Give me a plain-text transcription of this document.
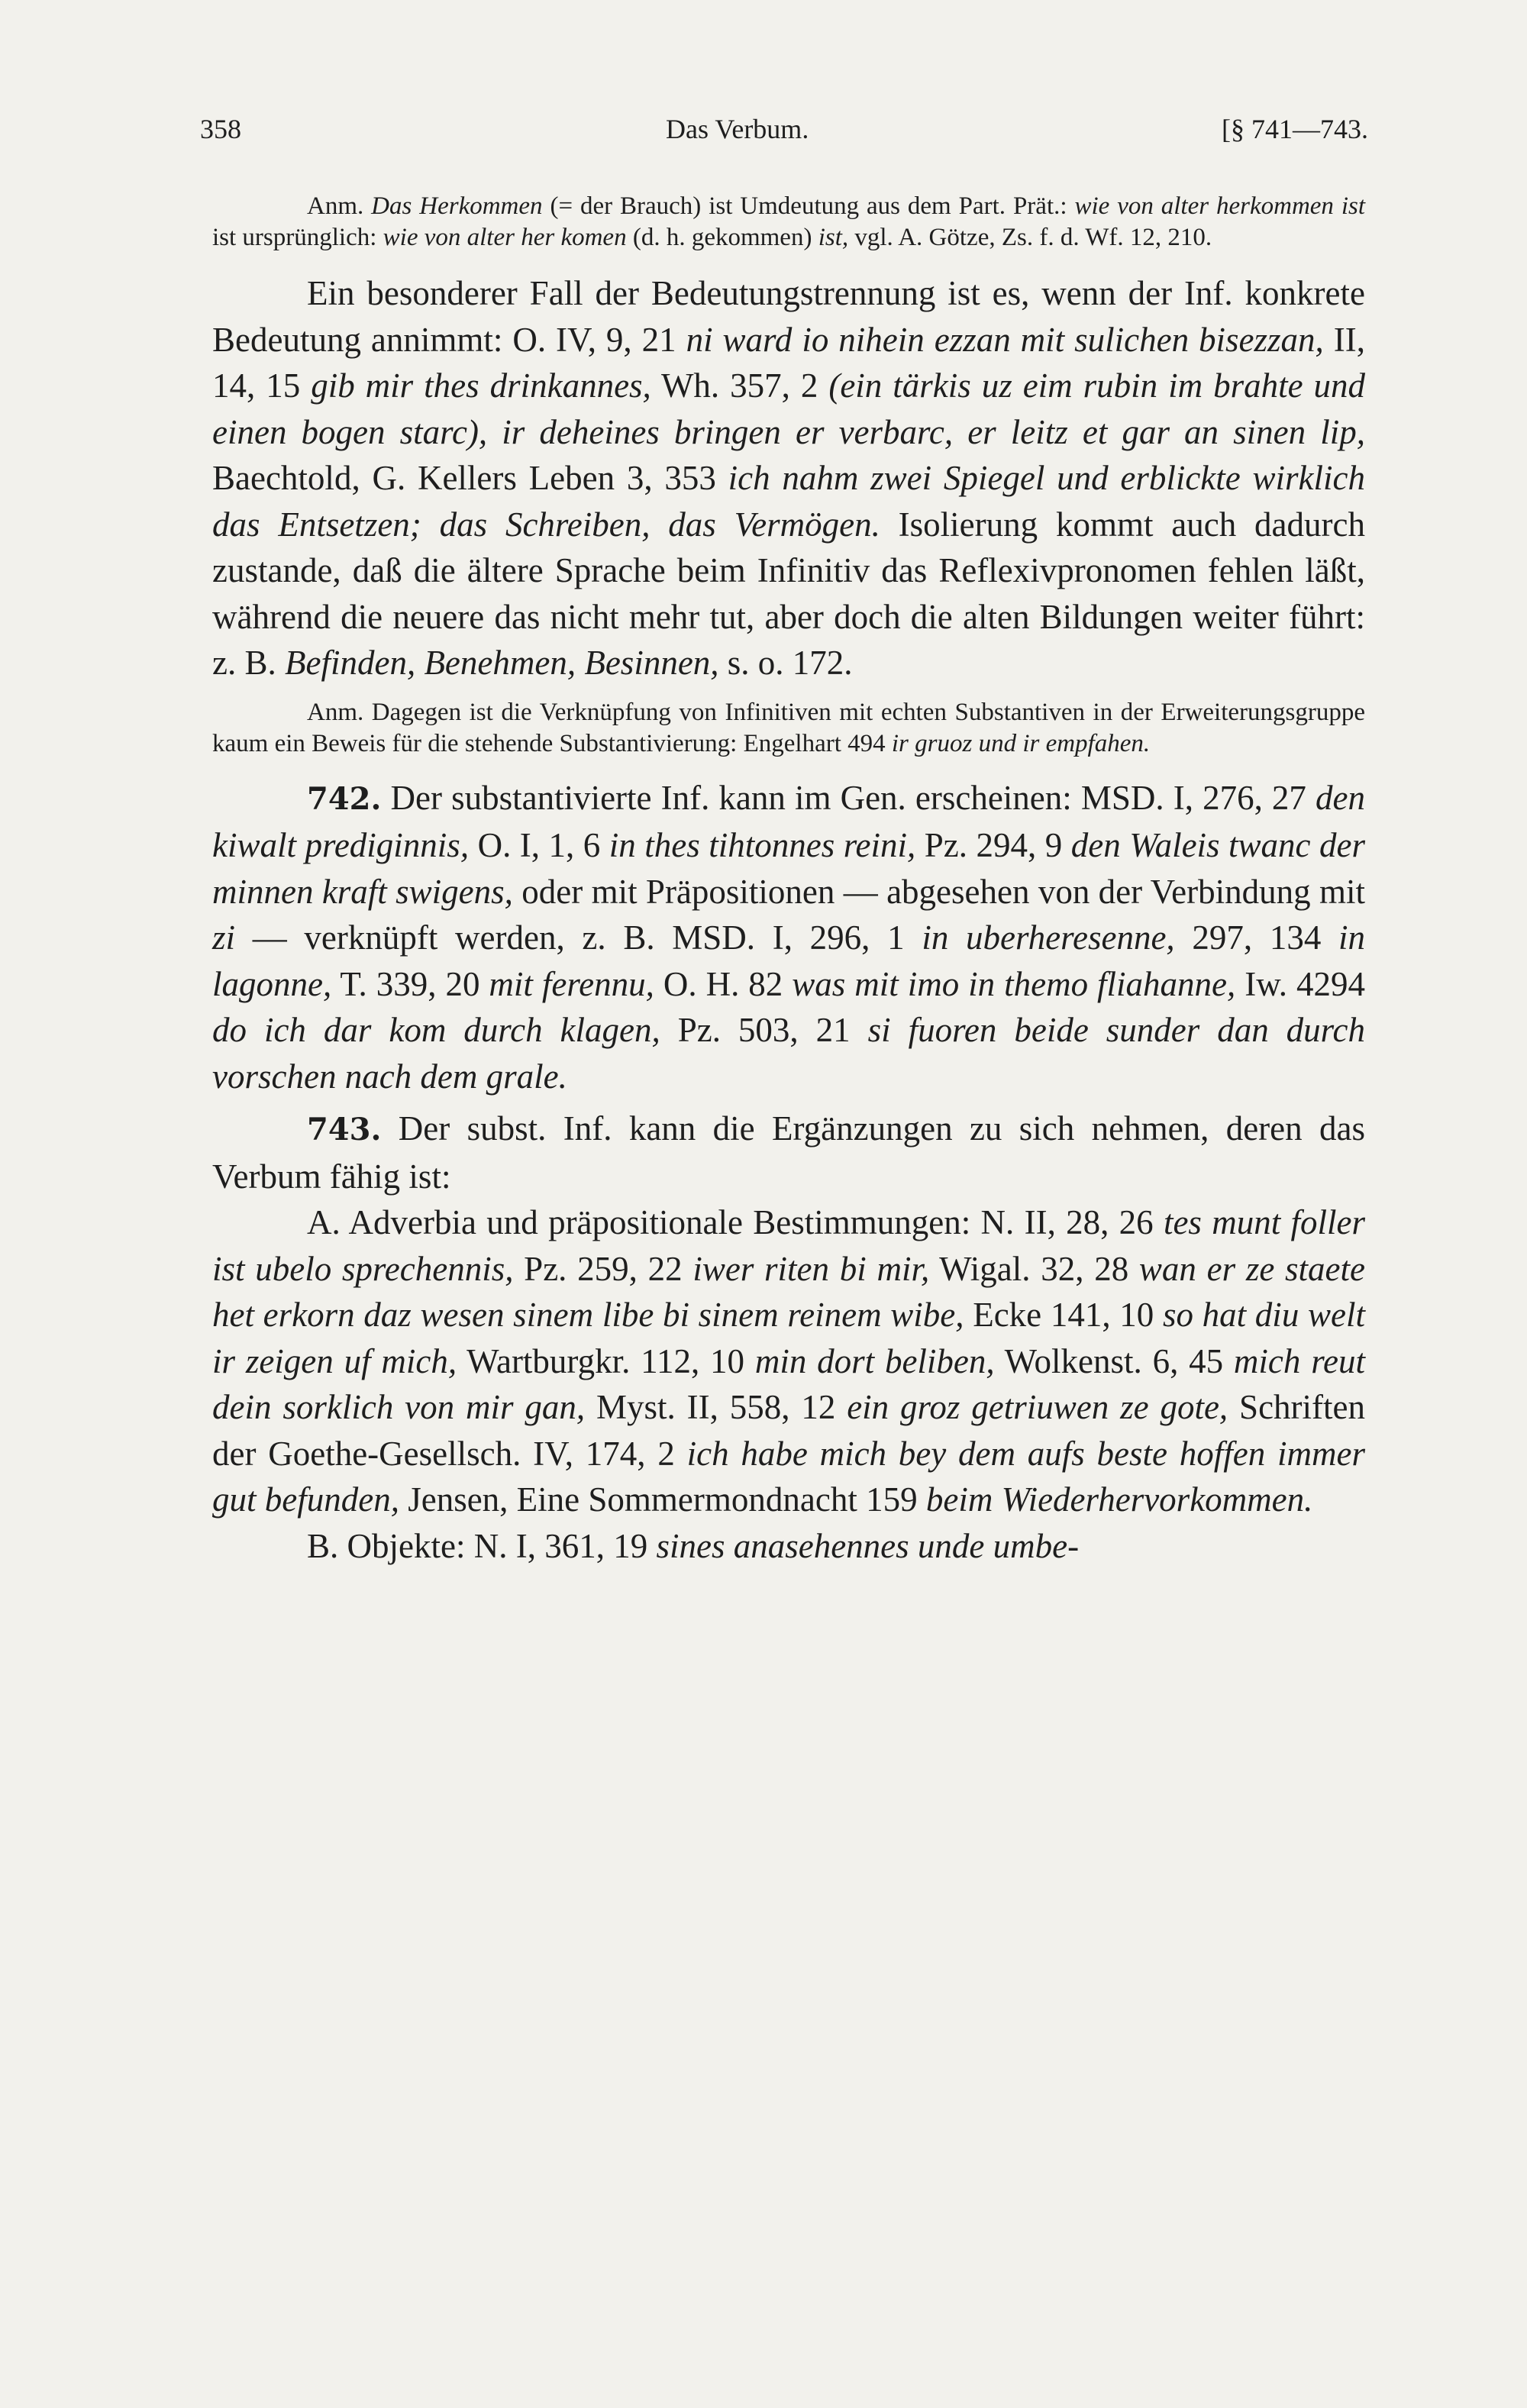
358	Das Verbum.	[§ 741—743.

Anm. Das Herkommen (= der Brauch) ist Umdeutung aus dem Part. Prät.: wie von alter herkommen ist ist ursprünglich: wie von alter her komen (d. h. gekommen) ist, vgl. A. Götze, Zs. f. d. Wf. 12, 210.

Ein besonderer Fall der Bedeutungstrennung ist es, wenn der Inf. konkrete Bedeutung annimmt: O. IV, 9, 21 ni ward io nihein ezzan mit sulichen bisezzan, II, 14, 15 gib mir thes drinkannes, Wh. 357, 2 (ein tärkis uz eim rubin im brahte und einen bogen starc), ir deheines bringen er verbarc, er leitz et gar an sinen lip, Baechtold, G. Kellers Leben 3, 353 ich nahm zwei Spiegel und erblickte wirklich das Entsetzen; das Schreiben, das Vermögen. Isolierung kommt auch dadurch zustande, daß die ältere Sprache beim Infinitiv das Reflexivpronomen fehlen läßt, während die neuere das nicht mehr tut, aber doch die alten Bildungen weiter führt: z. B. Befinden, Benehmen, Besinnen, s. o. 172.

Anm. Dagegen ist die Verknüpfung von Infinitiven mit echten Substantiven in der Erweiterungsgruppe kaum ein Beweis für die stehende Substantivierung: Engelhart 494 ir gruoz und ir empfahen.

742. Der substantivierte Inf. kann im Gen. erscheinen: MSD. I, 276, 27 den kiwalt prediginnis, O. I, 1, 6 in thes tihtonnes reini, Pz. 294, 9 den Waleis twanc der minnen kraft swigens, oder mit Präpositionen — abgesehen von der Verbindung mit zi — verknüpft werden, z. B. MSD. I, 296, 1 in uberheresenne, 297, 134 in lagonne, T. 339, 20 mit ferennu, O. H. 82 was mit imo in themo fliahanne, Iw. 4294 do ich dar kom durch klagen, Pz. 503, 21 si fuoren beide sunder dan durch vorschen nach dem grale.

743. Der subst. Inf. kann die Ergänzungen zu sich nehmen, deren das Verbum fähig ist:

A. Adverbia und präpositionale Bestimmungen: N. II, 28, 26 tes munt foller ist ubelo sprechennis, Pz. 259, 22 iwer riten bi mir, Wigal. 32, 28 wan er ze staete het erkorn daz wesen sinem libe bi sinem reinem wibe, Ecke 141, 10 so hat diu welt ir zeigen uf mich, Wartburgkr. 112, 10 min dort beliben, Wolkenst. 6, 45 mich reut dein sorklich von mir gan, Myst. II, 558, 12 ein groz getriuwen ze gote, Schriften der Goethe-Gesellsch. IV, 174, 2 ich habe mich bey dem aufs beste hoffen immer gut befunden, Jensen, Eine Sommermondnacht 159 beim Wiederhervorkommen.

B. Objekte: N. I, 361, 19 sines anasehennes unde umbe-
